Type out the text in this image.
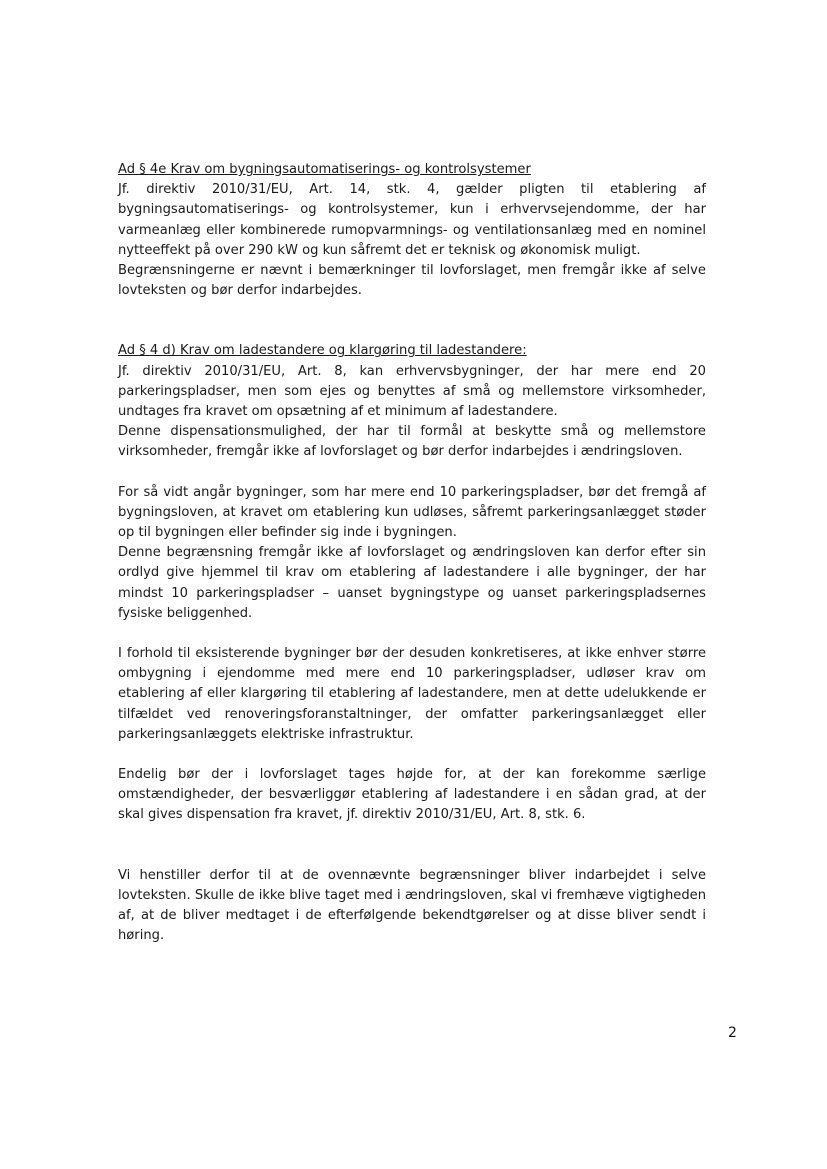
Ad § 4e Krav om bygningsautomatiserings- og kontrolsystemer

Jf. direktiv 2010/31/EU, Art. 14, stk. 4, gælder pligten til etablering af bygningsautomatiserings- og kontrolsystemer, kun i erhvervsejendomme, der har varmeanlæg eller kombinerede rumopvarmnings- og ventilationsanlæg med en nominel nytteeffekt på over 290 kW og kun såfremt det er teknisk og økonomisk muligt.

Begrænsningerne er nævnt i bemærkninger til lovforslaget, men fremgår ikke af selve lovteksten og bør derfor indarbejdes.

Ad § 4 d) Krav om ladestandere og klargøring til ladestandere:

Jf. direktiv 2010/31/EU, Art. 8, kan erhvervsbygninger, der har mere end 20 parkeringspladser, men som ejes og benyttes af små og mellemstore virksomheder, undtages fra kravet om opsætning af et minimum af ladestandere.

Denne dispensationsmulighed, der har til formål at beskytte små og mellemstore virksomheder, fremgår ikke af lovforslaget og bør derfor indarbejdes i ændringsloven.

For så vidt angår bygninger, som har mere end 10 parkeringspladser, bør det fremgå af bygningsloven, at kravet om etablering kun udløses, såfremt parkeringsanlægget støder op til bygningen eller befinder sig inde i bygningen.

Denne begrænsning fremgår ikke af lovforslaget og ændringsloven kan derfor efter sin ordlyd give hjemmel til krav om etablering af ladestandere i alle bygninger, der har mindst 10 parkeringspladser – uanset bygningstype og uanset parkeringspladsernes fysiske beliggenhed.

I forhold til eksisterende bygninger bør der desuden konkretiseres, at ikke enhver større ombygning i ejendomme med mere end 10 parkeringspladser, udløser krav om etablering af eller klargøring til etablering af ladestandere, men at dette udelukkende er tilfældet ved renoveringsforanstaltninger, der omfatter parkeringsanlægget eller parkeringsanlæggets elektriske infrastruktur.

Endelig bør der i lovforslaget tages højde for, at der kan forekomme særlige omstændigheder, der besværliggør etablering af ladestandere i en sådan grad, at der skal gives dispensation fra kravet, jf. direktiv 2010/31/EU, Art. 8, stk. 6.

Vi henstiller derfor til at de ovennævnte begrænsninger bliver indarbejdet i selve lovteksten. Skulle de ikke blive taget med i ændringsloven, skal vi fremhæve vigtigheden af, at de bliver medtaget i de efterfølgende bekendtgørelser og at disse bliver sendt i høring.

2
